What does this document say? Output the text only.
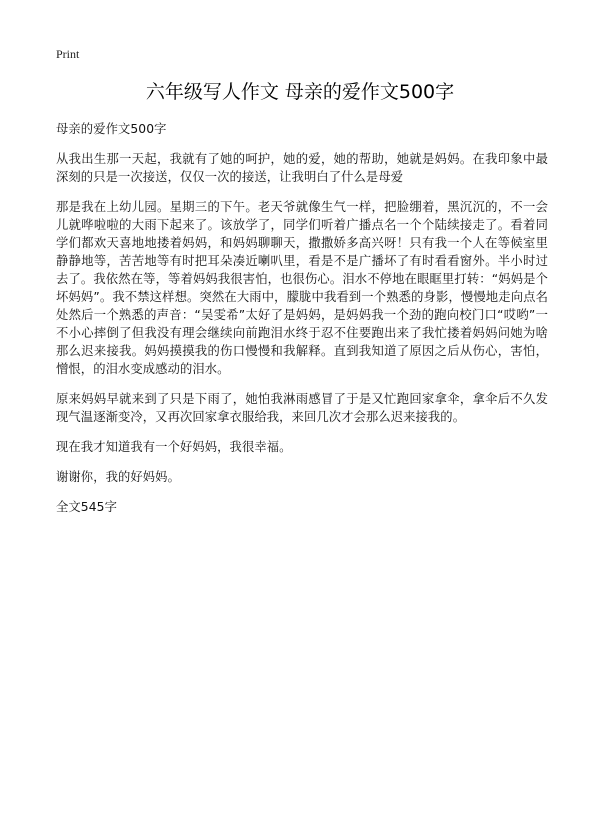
Print
六年级写人作文 母亲的爱作文500字

母亲的爱作文500字

从我出生那一天起，我就有了她的呵护，她的爱，她的帮助，她就是妈妈。在我印象中最深刻的只是一次接送，仅仅一次的接送，让我明白了什么是母爱

那是我在上幼儿园。星期三的下午。老天爷就像生气一样，把脸绷着，黑沉沉的，不一会儿就哗啦啦的大雨下起来了。该放学了，同学们听着广播点名一个个陆续接走了。看着同学们都欢天喜地地搂着妈妈，和妈妈聊聊天，撒撒娇多高兴呀！只有我一个人在等候室里静静地等，苦苦地等有时把耳朵凑近喇叭里，看是不是广播坏了有时看看窗外。半小时过去了。我依然在等，等着妈妈我很害怕，也很伤心。泪水不停地在眼眶里打转：“妈妈是个坏妈妈”。我不禁这样想。突然在大雨中，朦胧中我看到一个熟悉的身影，慢慢地走向点名处然后一个熟悉的声音：“吴雯希”太好了是妈妈，是妈妈我一个劲的跑向校门口“哎哟”一不小心摔倒了但我没有理会继续向前跑泪水终于忍不住要跑出来了我忙搂着妈妈问她为啥那么迟来接我。妈妈摸摸我的伤口慢慢和我解释。直到我知道了原因之后从伤心，害怕，憎恨，的泪水变成感动的泪水。

原来妈妈早就来到了只是下雨了，她怕我淋雨感冒了于是又忙跑回家拿伞，拿伞后不久发现气温逐渐变冷，又再次回家拿衣服给我，来回几次才会那么迟来接我的。

现在我才知道我有一个好妈妈，我很幸福。

谢谢你，我的好妈妈。

全文545字
